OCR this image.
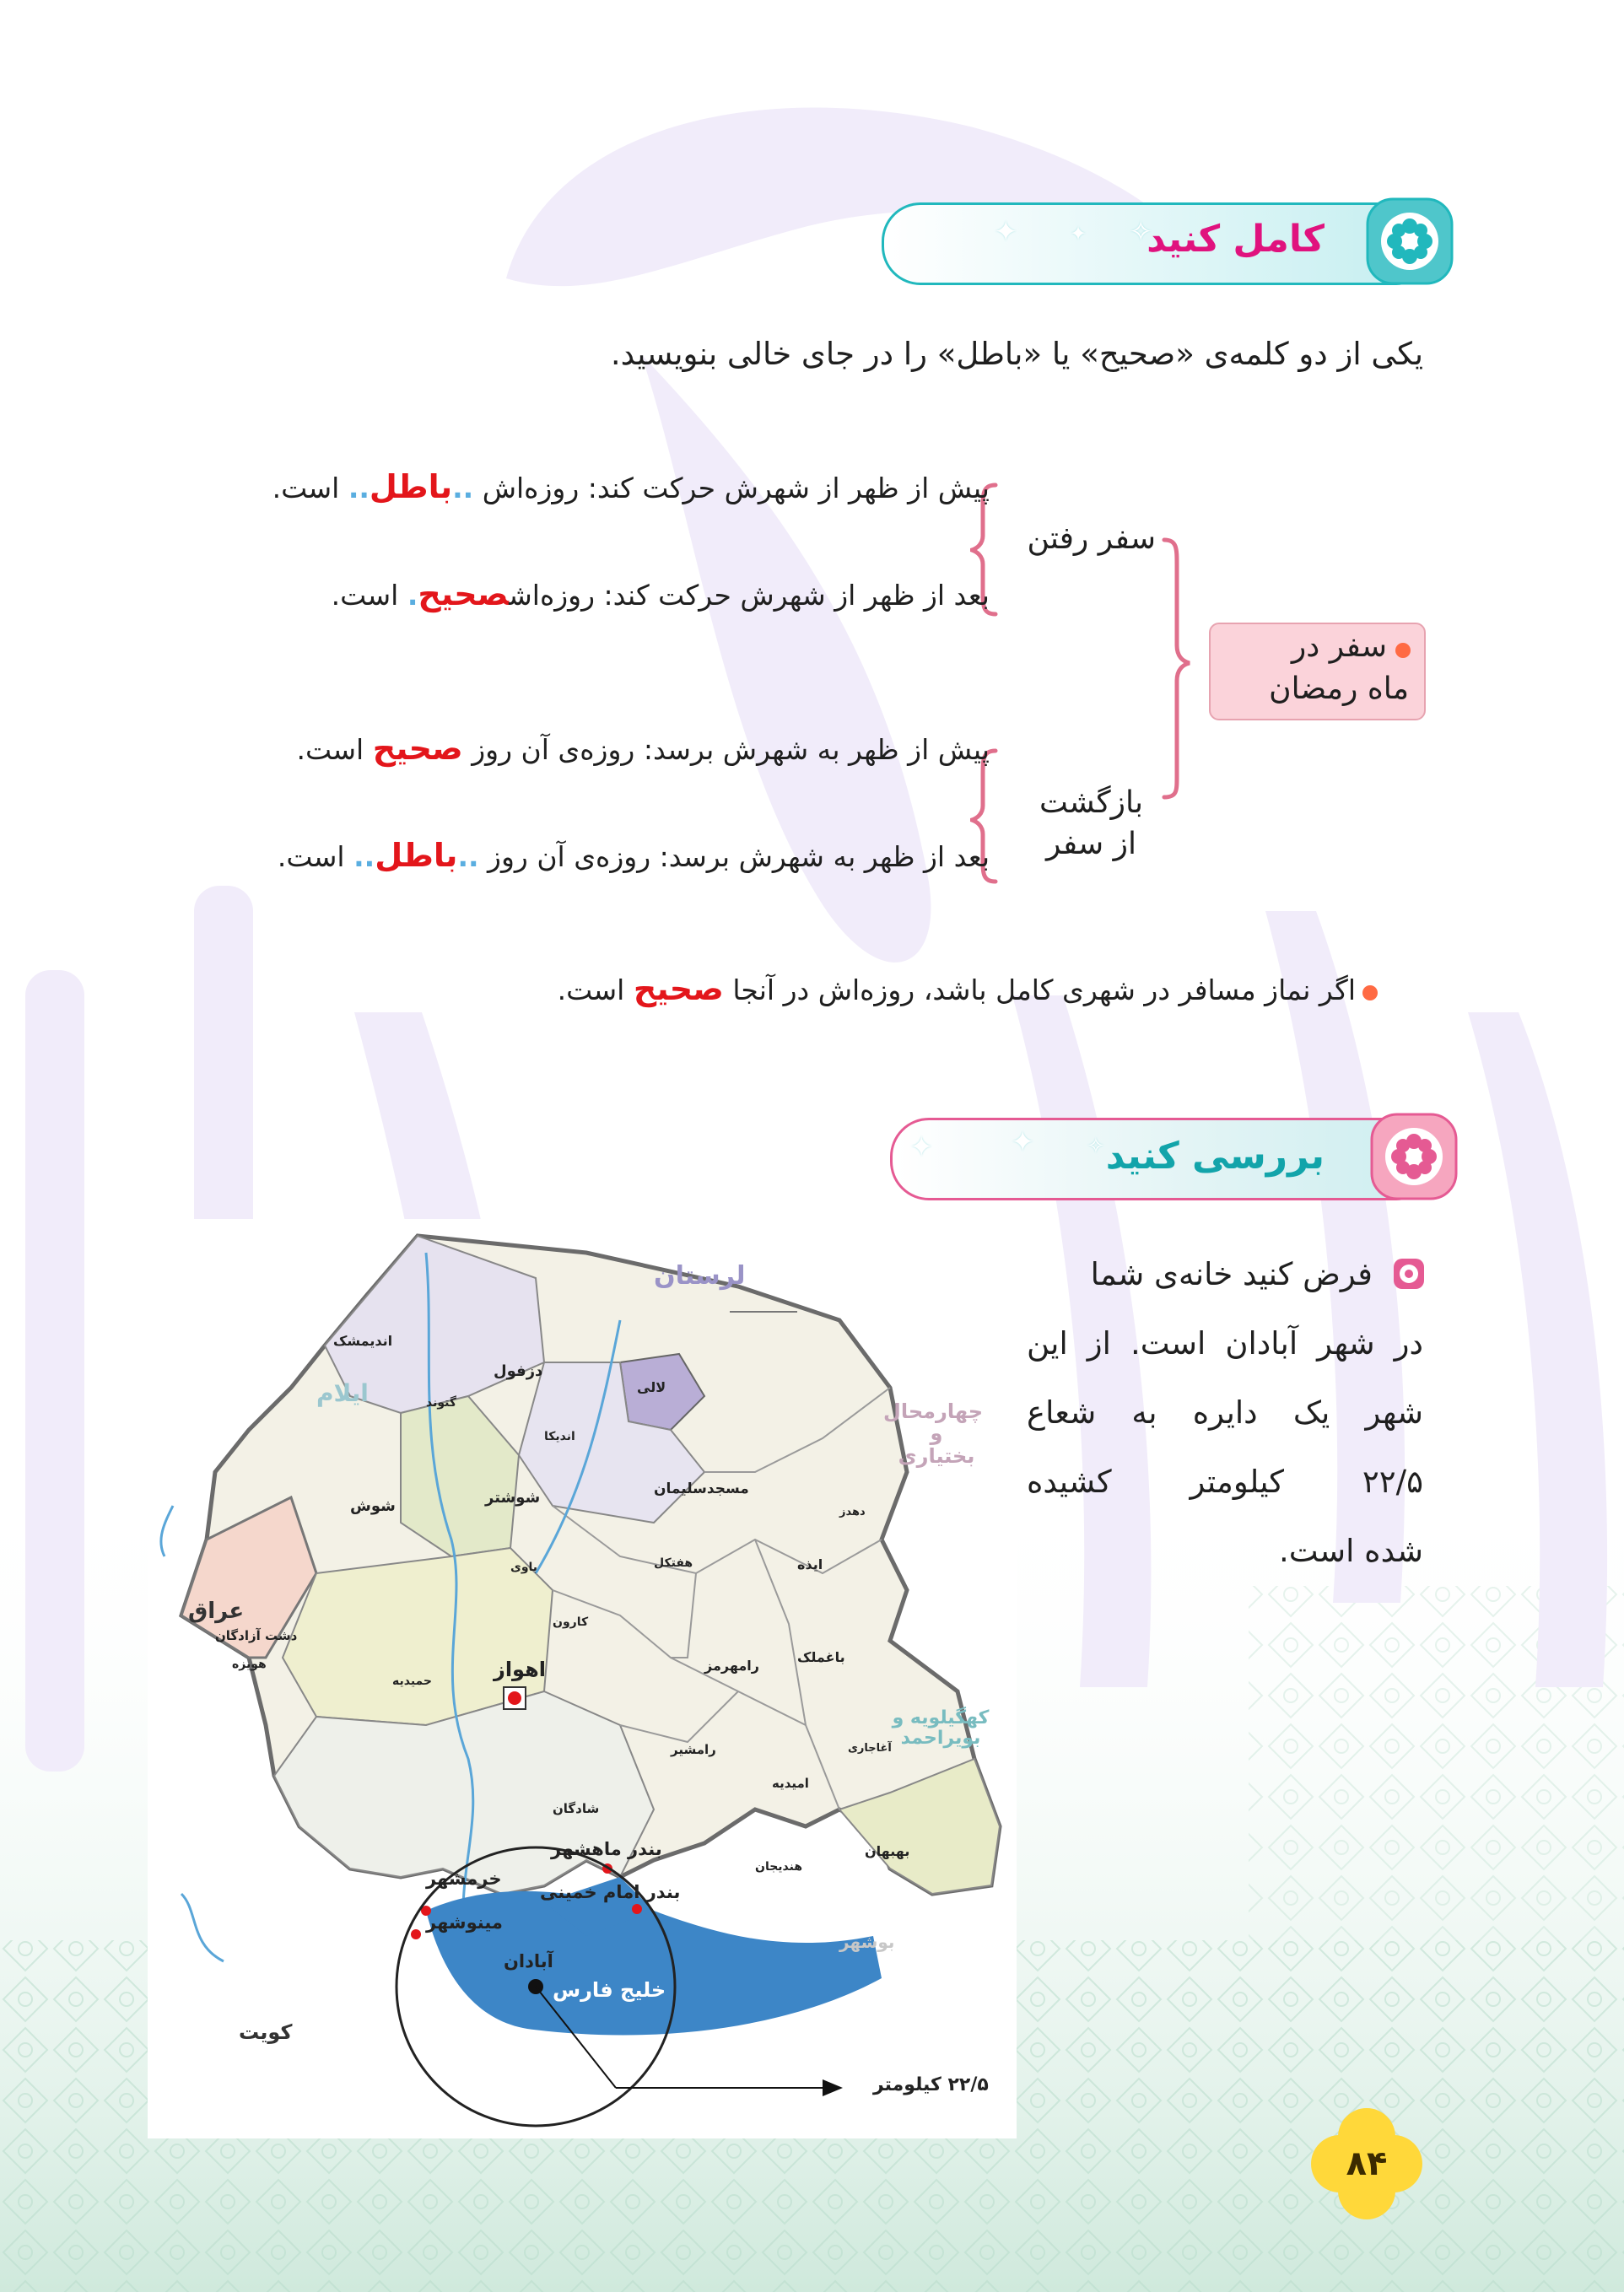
✦	✦ ✧
کامل کنید
یکی از دو کلمه‌ی «صحیح» یا «باطل» را در جای خالی بنویسید.
سفر رفتن
بازگشت
از سفر
سفر در
ماه رمضان
پیش از ظهر از شهرش حرکت کند: روزه‌اش ..باطل.. است.
بعد از ظهر از شهرش حرکت کند: روزه‌اشصحیح. است.
پیش از ظهر به شهرش برسد: روزه‌ی آن روز صحیح است.
بعد از ظهر به شهرش برسد: روزه‌ی آن روز ..باطل.. است.
اگر نماز مسافر در شهری کامل باشد، روزه‌اش در آنجا صحیح است.
✦	✦ ✧ بررسی کنید
فرض کنید خانه‌ی شما
در شهر آبادان است. از این
شهر یک دایره به شعاع
۲۲/۵ کیلومتر کشیده
شده است.
لرستان
ایلام
چهارمحال و بختیاری
کهگیلویه و بویراحمد
عراق
کویت
خلیج فارس
بوشهر
اهواز
آبادان
خرمشهر
مینوشهر
بندر ماهشهر
بندر امام خمینی
اندیمشک
دزفول
شوش	شوشتر	مسجدسلیمان
باغملک
ایذه
بهبهان
رامهرمز
دشت آزادگان
هویزه
شادگان
امیدیه
رامشیر
هندیجان
لالی
گتوند
هفتکل
حمیدیه
کارون
باوی
اندیکا
آغاجاری
دهدز
۲۲/۵ کیلومتر
۸۴
